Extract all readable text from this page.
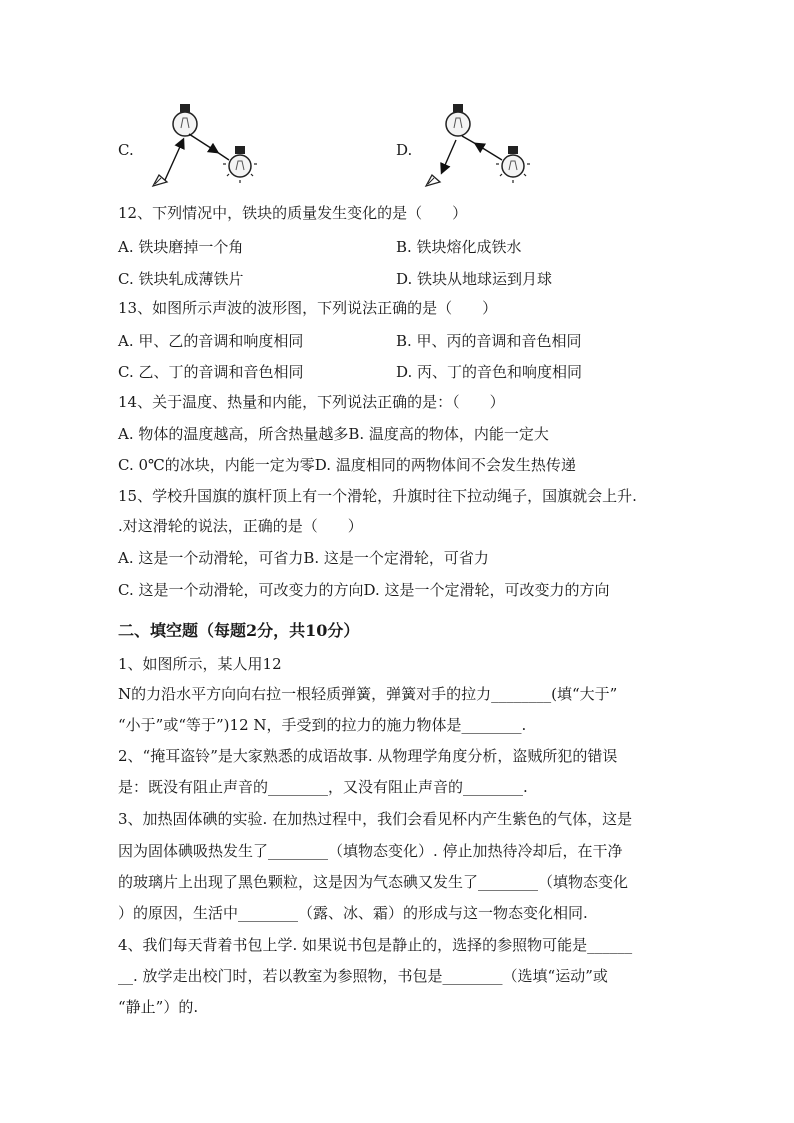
C.	D.
12、下列情况中，铁块的质量发生变化的是（　　）
A. 铁块磨掉一个角	B. 铁块熔化成铁水
C. 铁块轧成薄铁片	D. 铁块从地球运到月球
13、如图所示声波的波形图，下列说法正确的是（　　）
A. 甲、乙的音调和响度相同	B. 甲、丙的音调和音色相同
C. 乙、丁的音调和音色相同	D. 丙、丁的音色和响度相同
14、关于温度、热量和内能，下列说法正确的是：（　　）
A. 物体的温度越高，所含热量越多B. 温度高的物体，内能一定大
C. 0℃的冰块，内能一定为零D. 温度相同的两物体间不会发生热传递
15、学校升国旗的旗杆顶上有一个滑轮，升旗时往下拉动绳子，国旗就会上升.
.对这滑轮的说法，正确的是（　　）
A. 这是一个动滑轮，可省力B. 这是一个定滑轮，可省力
C. 这是一个动滑轮，可改变力的方向D. 这是一个定滑轮，可改变力的方向
二、填空题（每题2分，共10分）
1、如图所示，某人用12
N的力沿水平方向向右拉一根轻质弹簧，弹簧对手的拉力________(填“大于”
“小于”或“等于”)12 N，手受到的拉力的施力物体是________.
2、“掩耳盗铃”是大家熟悉的成语故事. 从物理学角度分析，盗贼所犯的错误
是：既没有阻止声音的________，又没有阻止声音的________.
3、加热固体碘的实验. 在加热过程中，我们会看见杯内产生紫色的气体，这是
因为固体碘吸热发生了________（填物态变化）. 停止加热待冷却后，在干净
的玻璃片上出现了黑色颗粒，这是因为气态碘又发生了________（填物态变化
）的原因，生活中________（露、冰、霜）的形成与这一物态变化相同.
4、我们每天背着书包上学. 如果说书包是静止的，选择的参照物可能是______
__. 放学走出校门时，若以教室为参照物，书包是________（选填“运动”或
“静止”）的.
